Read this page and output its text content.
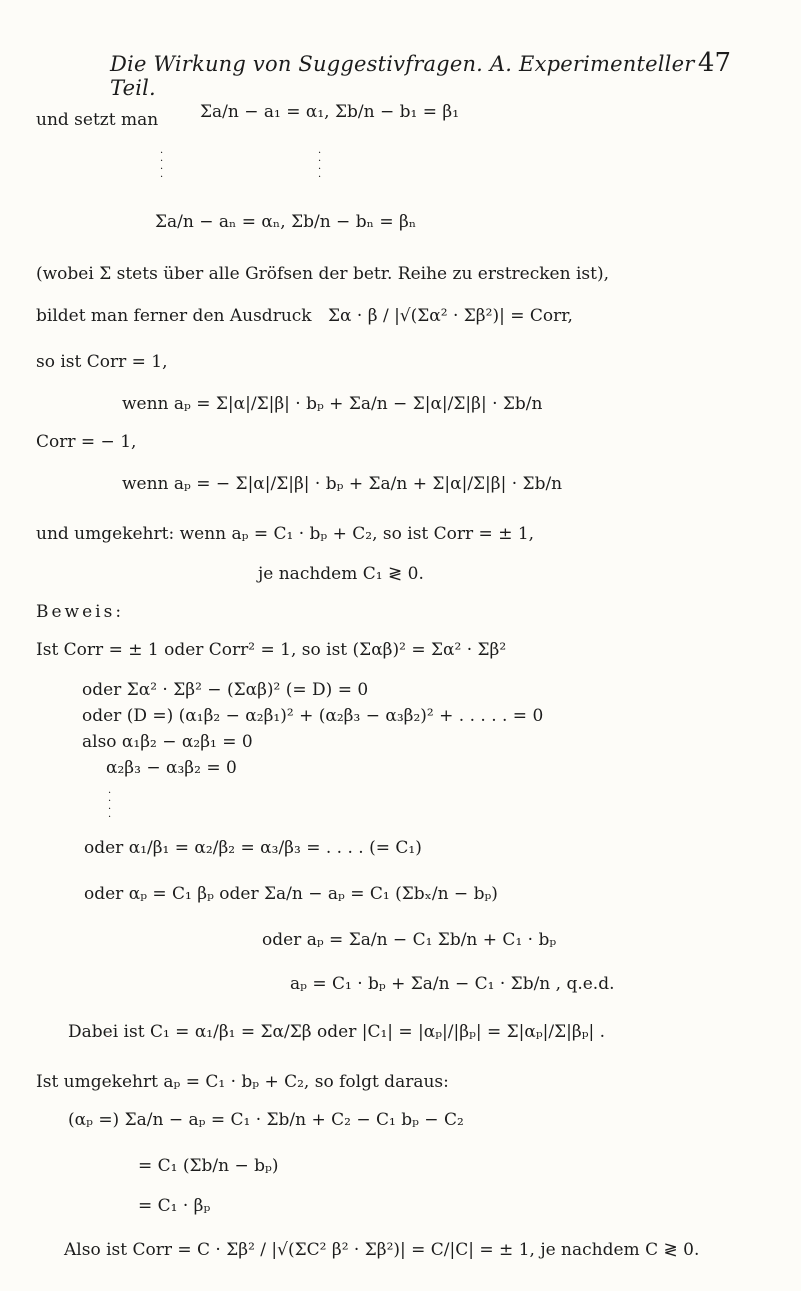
Die Wirkung von Suggestivfragen. A. Experimenteller Teil.
47
und setzt man Σa/n − a₁ = α₁, Σb/n − b₁ = β₁
·
·
·
·
·
·
·
·
Σa/n − aₙ = αₙ, Σb/n − bₙ = βₙ
(wobei Σ stets über alle Gröfsen der betr. Reihe zu erstrecken ist),
bildet man ferner den Ausdruck Σα · β / |√(Σα² · Σβ²)| = Corr,
so ist Corr = 1,
wenn aₚ = Σ|α|/Σ|β| · bₚ + Σa/n − Σ|α|/Σ|β| · Σb/n
Corr = − 1,
wenn aₚ = − Σ|α|/Σ|β| · bₚ + Σa/n + Σ|α|/Σ|β| · Σb/n
und umgekehrt: wenn aₚ = C₁ · bₚ + C₂, so ist Corr = ± 1,
je nachdem C₁ ≷ 0.
Beweis:
Ist Corr = ± 1 oder Corr² = 1, so ist (Σαβ)² = Σα² · Σβ²
oder Σα² · Σβ² − (Σαβ)² (= D) = 0
oder (D =) (α₁β₂ − α₂β₁)² + (α₂β₃ − α₃β₂)² + . . . . . = 0
also α₁β₂ − α₂β₁ = 0
α₂β₃ − α₃β₂ = 0
·
·
·
·
oder α₁/β₁ = α₂/β₂ = α₃/β₃ = . . . . (= C₁)
oder αₚ = C₁ βₚ oder Σa/n − aₚ = C₁ (Σbₓ/n − bₚ)
oder aₚ = Σa/n − C₁ Σb/n + C₁ · bₚ
aₚ = C₁ · bₚ + Σa/n − C₁ · Σb/n , q.e.d.
Dabei ist C₁ = α₁/β₁ = Σα/Σβ oder |C₁| = |αₚ|/|βₚ| = Σ|αₚ|/Σ|βₚ| .
Ist umgekehrt aₚ = C₁ · bₚ + C₂, so folgt daraus:
(αₚ =) Σa/n − aₚ = C₁ · Σb/n + C₂ − C₁ bₚ − C₂
= C₁ (Σb/n − bₚ)
= C₁ · βₚ
Also ist Corr = C · Σβ² / |√(ΣC² β² · Σβ²)| = C/|C| = ± 1, je nachdem C ≷ 0.
